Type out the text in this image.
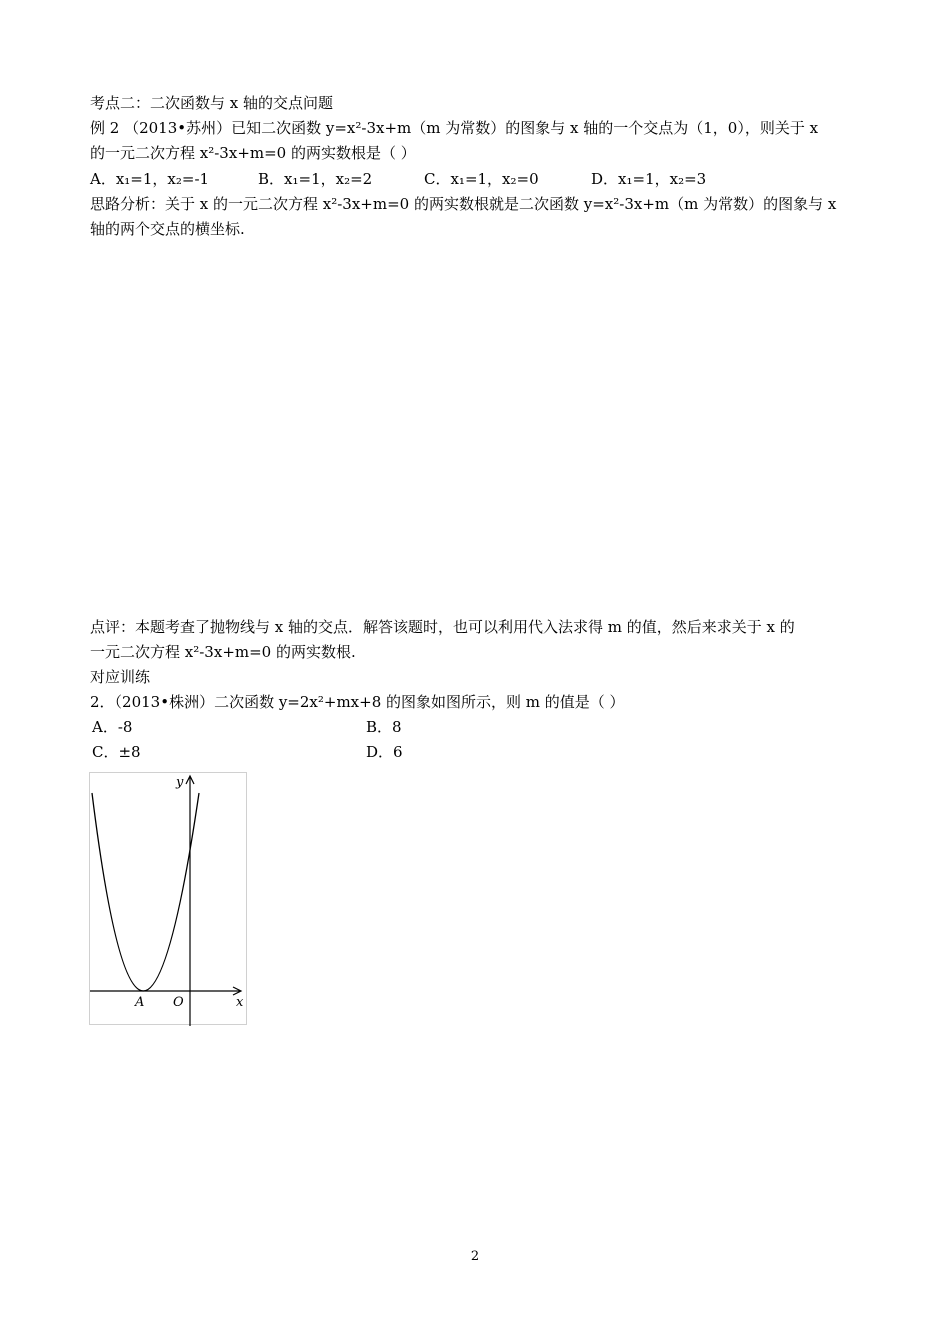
考点二：二次函数与 x 轴的交点问题
例 2 （2013•苏州）已知二次函数 y=x²-3x+m（m 为常数）的图象与 x 轴的一个交点为（1，0），则关于 x
的一元二次方程 x²-3x+m=0 的两实数根是（ ）
A．x₁=1，x₂=-1	B．x₁=1，x₂=2	C．x₁=1，x₂=0	D．x₁=1，x₂=3
思路分析：关于 x 的一元二次方程 x²-3x+m=0 的两实数根就是二次函数 y=x²-3x+m（m 为常数）的图象与 x
轴的两个交点的横坐标.
点评：本题考查了抛物线与 x 轴的交点．解答该题时，也可以利用代入法求得 m 的值，然后来求关于 x 的
一元二次方程 x²-3x+m=0 的两实数根.
对应训练
2．（2013•株洲）二次函数 y=2x²+mx+8 的图象如图所示，则 m 的值是（ ）
A．-8	B．8
C．±8	D．6
y
x
O
A
2
